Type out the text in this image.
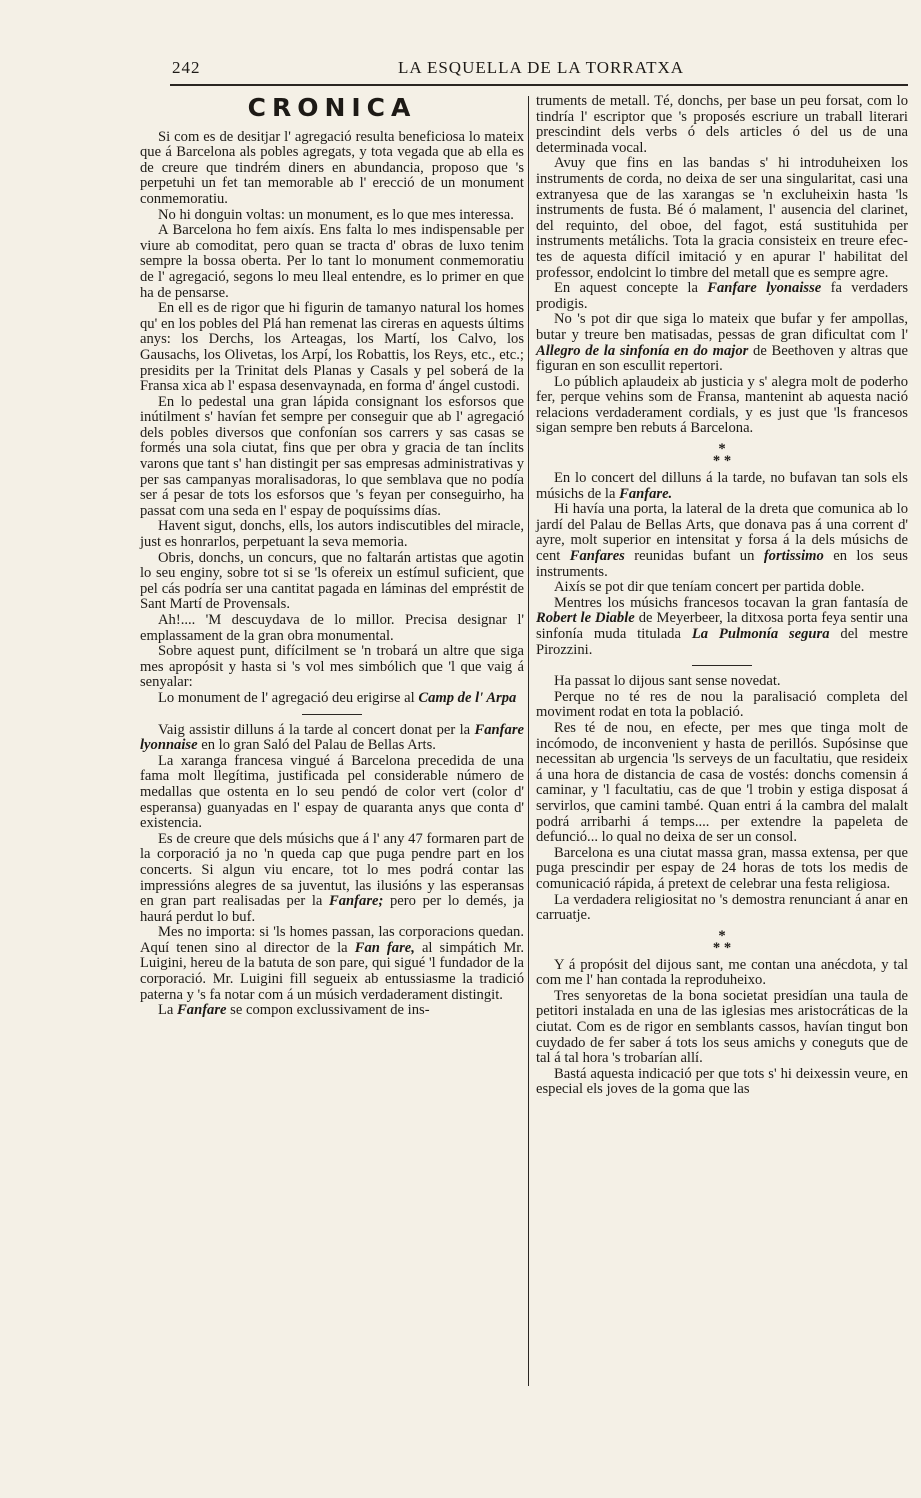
242	LA ESQUELLA DE LA TORRATXA
CRONICA

Si com es de desitjar l' agregació resulta beneficiosa lo mateix que á Barcelona als pobles agregats, y tota vegada que ab ella es de creure que tindrém diners en abundancia, proposo que 's perpetuhi un fet tan memorable ab l' erecció de un monument conmemoratiu.

No hi donguin voltas: un monument, es lo que mes interessa.

A Barcelona ho fem aixís. Ens falta lo mes indispensable per viure ab comoditat, pero quan se tracta d' obras de luxo tenim sempre la bossa oberta. Per lo tant lo monument conmemoratiu de l' agregació, segons lo meu lleal entendre, es lo primer en que ha de pensarse.

En ell es de rigor que hi figurin de tamanyo natural los homes qu' en los pobles del Plá han remenat las cireras en aquests últims anys: los Derchs, los Arteagas, los Martí, los Calvo, los Gausachs, los Olivetas, los Arpí, los Robattis, los Reys, etc., etc.; presidits per la Trinitat dels Planas y Casals y pel soberá de la Fransa xica ab l' espasa desenvaynada, en forma d' ángel custodi.

En lo pedestal una gran lápida consignant los esforsos que inútilment s' havían fet sempre per conseguir que ab l' agregació dels pobles diversos que confonían sos carrers y sas casas se formés una sola ciutat, fins que per obra y gracia de tan ínclits varons que tant s' han distingit per sas empresas administrativas y per sas campanyas moralisadoras, lo que semblava que no podía ser á pesar de tots los esforsos que 's feyan per conseguirho, ha passat com una seda en l' espay de poquíssims días.

Havent sigut, donchs, ells, los autors indiscutibles del miracle, just es honrarlos, perpetuant la seva memoria.

Obris, donchs, un concurs, que no faltarán artistas que agotin lo seu enginy, sobre tot si se 'ls ofereix un estímul suficient, que pel cás podría ser una cantitat pagada en láminas del empréstit de Sant Martí de Provensals.

Ah!.... 'M descuydava de lo millor. Precisa designar l' emplassament de la gran obra monumental.

Sobre aquest punt, difícilment se 'n trobará un altre que siga mes apropósit y hasta si 's vol mes simbólich que 'l que vaig á senyalar:

Lo monument de l' agregació deu erigirse al Camp de l' Arpa

Vaig assistir dilluns á la tarde al concert donat per la Fanfare lyonnaise en lo gran Saló del Palau de Bellas Arts.

La xaranga francesa vingué á Barcelona precedida de una fama molt llegítima, justificada pel considerable número de medallas que ostenta en lo seu pendó de color vert (color d' esperansa) guanyadas en l' espay de quaranta anys que conta d' existencia.

Es de creure que dels músichs que á l' any 47 formaren part de la corporació ja no 'n queda cap que puga pendre part en los concerts. Si algun viu encare, tot lo mes podrá contar las impressións alegres de sa juventut, las ilusións y las esperansas en gran part realisadas per la Fanfare; pero per lo demés, ja haurá perdut lo buf.

Mes no importa: si 'ls homes passan, las corporacions quedan. Aquí tenen sino al director de la Fan fare, al simpátich Mr. Luigini, hereu de la batuta de son pare, qui sigué 'l fundador de la corporació. Mr. Luigini fill segueix ab entussiasme la tradició paterna y 's fa notar com á un músich verdaderament distingit.

La Fanfare se compon exclussivament de ins-

truments de metall. Té, donchs, per base un peu forsat, com lo tindría l' escriptor que 's proposés escriure un traball literari prescindint dels verbs ó dels articles ó del us de una determinada vocal.

Avuy que fins en las bandas s' hi introduheixen los instruments de corda, no deixa de ser una singularitat, casi una extranyesa que de las xarangas se 'n excluheixin hasta 'ls instruments de fusta. Bé ó malament, l' ausencia del clarinet, del requinto, del oboe, del fagot, está sustituhida per instruments metálichs. Tota la gracia consisteix en treure efectes de aquesta difícil imitació y en apurar l' habilitat del professor, endolcint lo timbre del metall que es sempre agre.

En aquest concepte la Fanfare lyonaisse fa verdaders prodigis.

No 's pot dir que siga lo mateix que bufar y fer ampollas, butar y treure ben matisadas, pessas de gran dificultat com l' Allegro de la sinfonía en do major de Beethoven y altras que figuran en son escullit repertori.

Lo públich aplaudeix ab justicia y s' alegra molt de poderho fer, perque vehins som de Fransa, mantenint ab aquesta nació relacions verdaderament cordials, y es just que 'ls francesos sigan sempre ben rebuts á Barcelona.

*
* *

En lo concert del dilluns á la tarde, no bufavan tan sols els músichs de la Fanfare.

Hi havía una porta, la lateral de la dreta que comunica ab lo jardí del Palau de Bellas Arts, que donava pas á una corrent d' ayre, molt superior en intensitat y forsa á la dels músichs de cent Fanfares reunidas bufant un fortissimo en los seus instruments.

Aixís se pot dir que teníam concert per partida doble.

Mentres los músichs francesos tocavan la gran fantasía de Robert le Diable de Meyerbeer, la ditxosa porta feya sentir una sinfonía muda titulada La Pulmonía segura del mestre Pirozzini.

Ha passat lo dijous sant sense novedat.

Perque no té res de nou la paralisació completa del moviment rodat en tota la població.

Res té de nou, en efecte, per mes que tinga molt de incómodo, de inconvenient y hasta de perillós. Supósinse que necessitan ab urgencia 'ls serveys de un facultatiu, que resideix á una hora de distancia de casa de vostés: donchs comensin á caminar, y 'l facultatiu, cas de que 'l trobin y estiga disposat á servirlos, que camini també. Quan entri á la cambra del malalt podrá arribarhi á temps.... per extendre la papeleta de defunció... lo qual no deixa de ser un consol.

Barcelona es una ciutat massa gran, massa extensa, per que puga prescindir per espay de 24 horas de tots los medis de comunicació rápida, á pretext de celebrar una festa religiosa.

La verdadera religiositat no 's demostra renunciant á anar en carruatje.

*
* *

Y á propósit del dijous sant, me contan una anécdota, y tal com me l' han contada la reproduheixo.

Tres senyoretas de la bona societat presidían una taula de petitori instalada en una de las iglesias mes aristocráticas de la ciutat. Com es de rigor en semblants cassos, havían tingut bon cuydado de fer saber á tots los seus amichs y coneguts que de tal á tal hora 's trobarían allí.

Bastá aquesta indicació per que tots s' hi deixessin veure, en especial els joves de la goma que las
